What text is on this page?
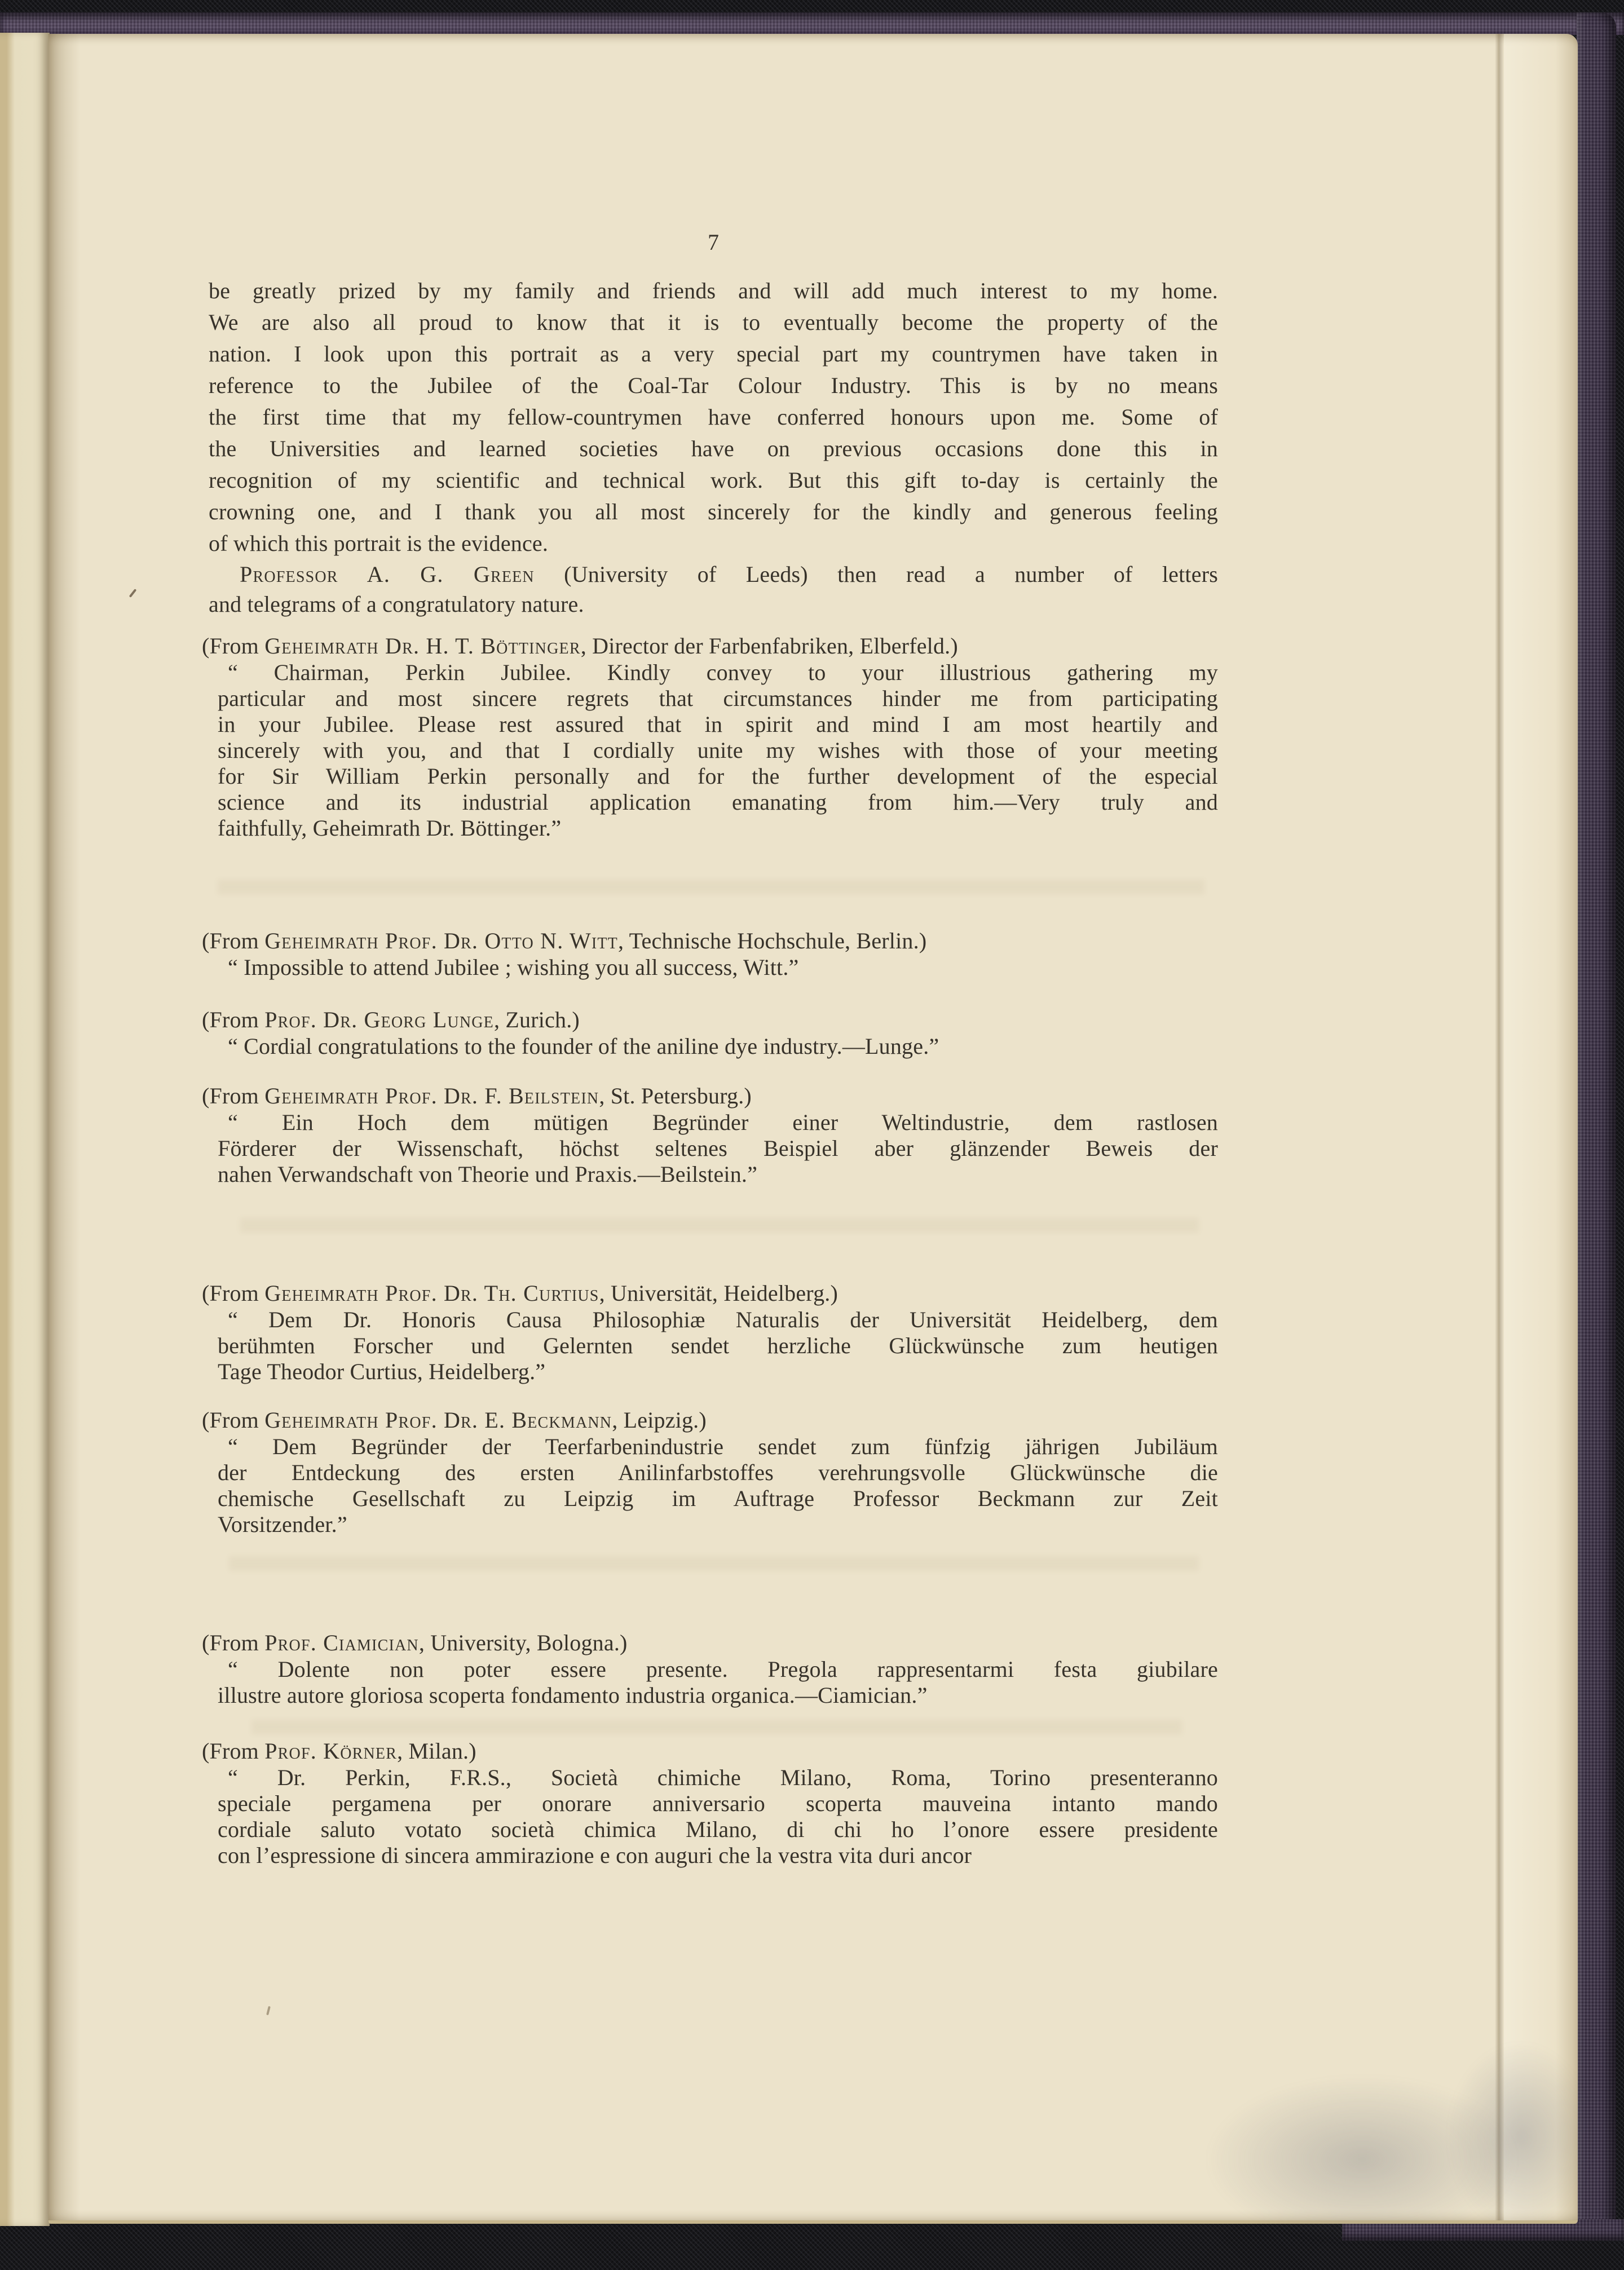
7
be greatly prized by my family and friends and will add much interest to my home.
We are also all proud to know that it is to eventually become the property of the
nation. I look upon this portrait as a very special part my countrymen have taken in
reference to the Jubilee of the Coal-Tar Colour Industry. This is by no means
the first time that my fellow-countrymen have conferred honours upon me. Some of
the Universities and learned societies have on previous occasions done this in
recognition of my scientific and technical work. But this gift to-day is certainly the
crowning one, and I thank you all most sincerely for the kindly and generous feeling
of which this portrait is the evidence.
Professor A. G. Green (University of Leeds) then read a number of letters
and telegrams of a congratulatory nature.
(From Geheimrath Dr. H. T. Böttinger, Director der Farbenfabriken, Elberfeld.)
“ Chairman, Perkin Jubilee. Kindly convey to your illustrious gathering my
particular and most sincere regrets that circumstances hinder me from participating
in your Jubilee. Please rest assured that in spirit and mind I am most heartily and
sincerely with you, and that I cordially unite my wishes with those of your meeting
for Sir William Perkin personally and for the further development of the especial
science and its industrial application emanating from him.—Very truly and
faithfully, Geheimrath Dr. Böttinger.”
(From Geheimrath Prof. Dr. Otto N. Witt, Technische Hochschule, Berlin.)
“ Impossible to attend Jubilee ; wishing you all success, Witt.”
(From Prof. Dr. Georg Lunge, Zurich.)
“ Cordial congratulations to the founder of the aniline dye industry.—Lunge.”
(From Geheimrath Prof. Dr. F. Beilstein, St. Petersburg.)
“ Ein Hoch dem mütigen Begründer einer Weltindustrie, dem rastlosen
Förderer der Wissenschaft, höchst seltenes Beispiel aber glänzender Beweis der
nahen Verwandschaft von Theorie und Praxis.—Beilstein.”
(From Geheimrath Prof. Dr. Th. Curtius, Universität, Heidelberg.)
“ Dem Dr. Honoris Causa Philosophiæ Naturalis der Universität Heidelberg, dem
berühmten Forscher und Gelernten sendet herzliche Glückwünsche zum heutigen
Tage Theodor Curtius, Heidelberg.”
(From Geheimrath Prof. Dr. E. Beckmann, Leipzig.)
“ Dem Begründer der Teerfarbenindustrie sendet zum fünfzig jährigen Jubiläum
der Entdeckung des ersten Anilinfarbstoffes verehrungsvolle Glückwünsche die
chemische Gesellschaft zu Leipzig im Auftrage Professor Beckmann zur Zeit
Vorsitzender.”
(From Prof. Ciamician, University, Bologna.)
“ Dolente non poter essere presente. Pregola rappresentarmi festa giubilare
illustre autore gloriosa scoperta fondamento industria organica.—Ciamician.”
(From Prof. Körner, Milan.)
“ Dr. Perkin, F.R.S., Società chimiche Milano, Roma, Torino presenteranno
speciale pergamena per onorare anniversario scoperta mauveina intanto mando
cordiale saluto votato società chimica Milano, di chi ho l’onore essere presidente
con l’espressione di sincera ammirazione e con auguri che la vestra vita duri ancor
